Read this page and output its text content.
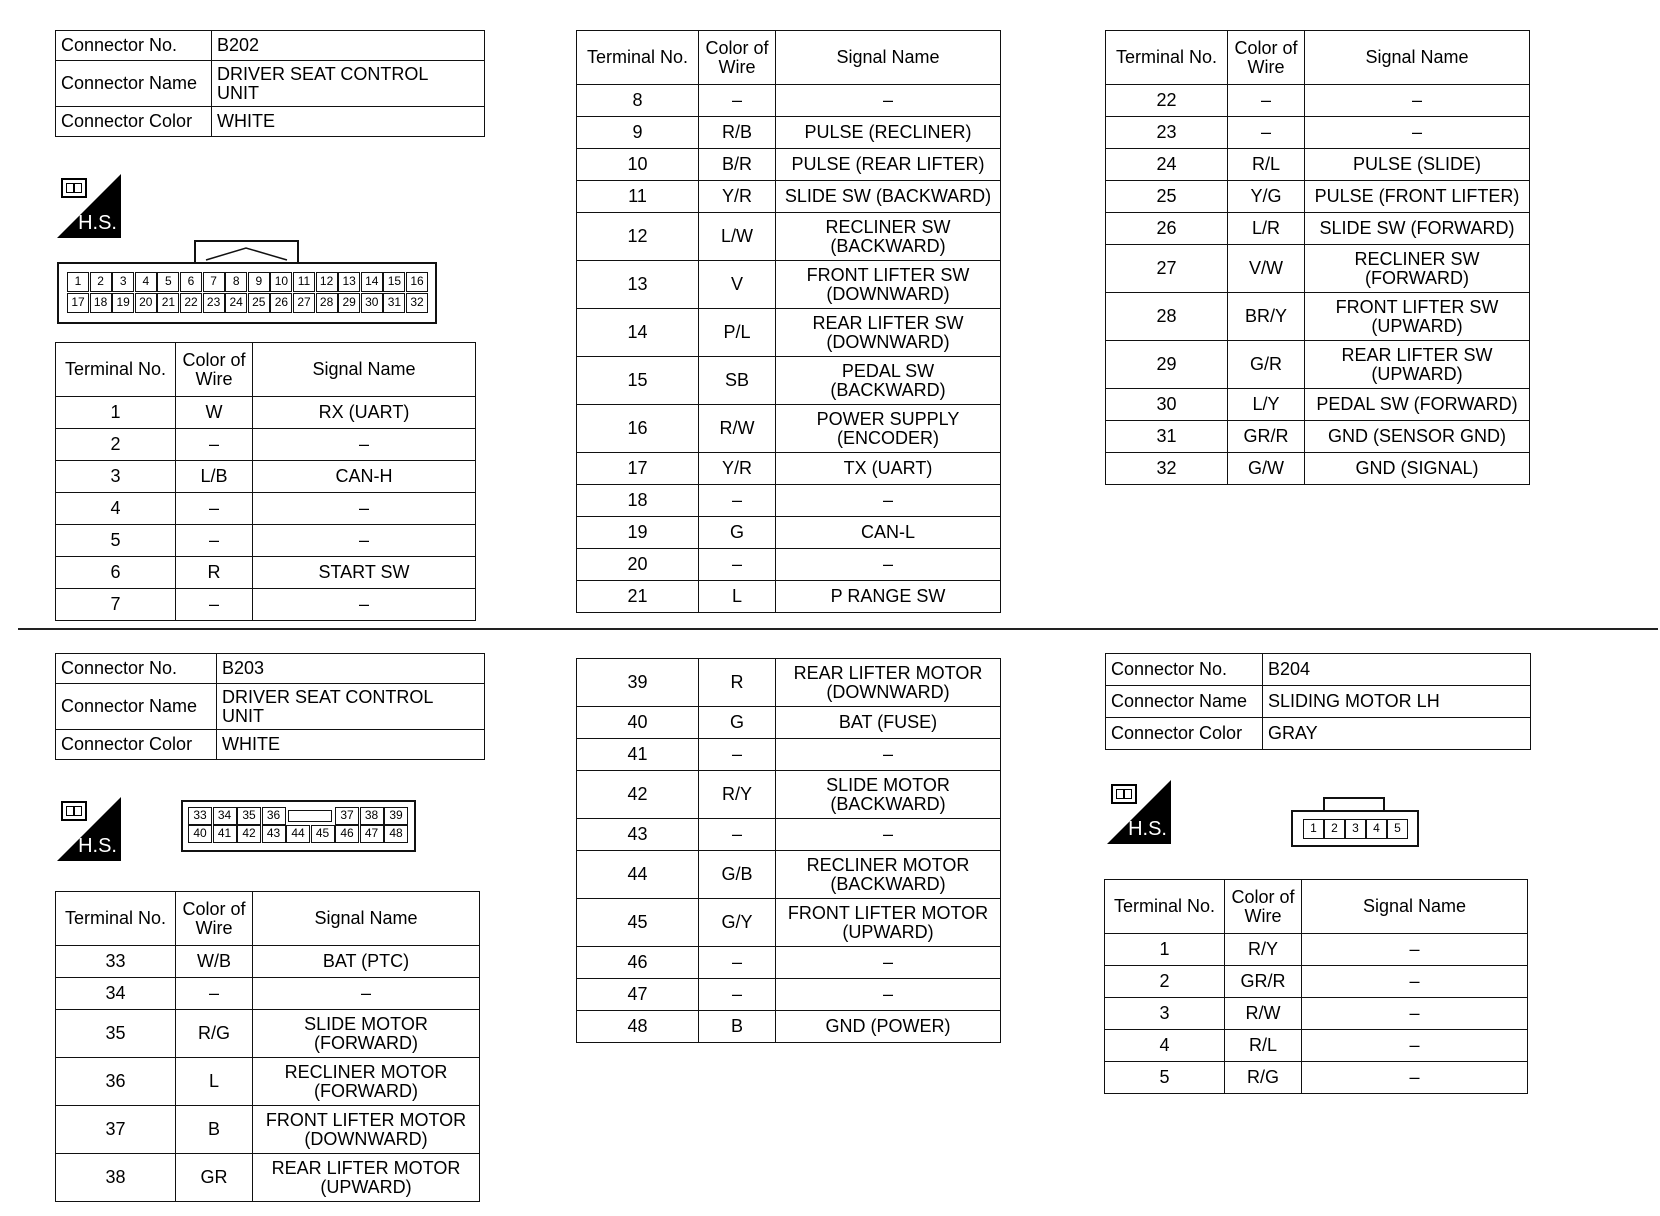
Connector No.	B202
Connector Name	DRIVER SEAT CONTROL
UNIT
Connector Color	WHITE
H.S.
1	2	3	4	5	6	7	8	9	10 11 12 13 14 15 16
17 18 19 20 21 22 23 24 25 26 27 28 29 30 31 32
Terminal No.	Color of
Wire	Signal Name
1	W	RX (UART)
2	–	–
3	L/B	CAN-H
4	–	–
5	–	–
6	R	START SW
7	–	–
Terminal No.	Color of
Wire	Signal Name
8	–	–
9	R/B	PULSE (RECLINER)
10	B/R	PULSE (REAR LIFTER)
11	Y/R	SLIDE SW (BACKWARD)
12	L/W	RECLINER SW
(BACKWARD)
13	V	FRONT LIFTER SW
(DOWNWARD)
14	P/L	REAR LIFTER SW
(DOWNWARD)
15	SB	PEDAL SW
(BACKWARD)
16	R/W	POWER SUPPLY
(ENCODER)
17	Y/R	TX (UART)
18	–	–
19	G	CAN-L
20	–	–
21	L	P RANGE SW
Terminal No.	Color of
Wire	Signal Name
22	–	–
23	–	–
24	R/L	PULSE (SLIDE)
25	Y/G	PULSE (FRONT LIFTER)
26	L/R	SLIDE SW (FORWARD)
27	V/W	RECLINER SW
(FORWARD)
28	BR/Y	FRONT LIFTER SW
(UPWARD)
29	G/R	REAR LIFTER SW
(UPWARD)
30	L/Y	PEDAL SW (FORWARD)
31	GR/R	GND (SENSOR GND)
32	G/W	GND (SIGNAL)
Connector No.	B203
Connector Name	DRIVER SEAT CONTROL
UNIT
Connector Color	WHITE
H.S.
33 34 35 36	37 38 39
40 41 42 43 44 45 46 47 48
Terminal No.	Color of
Wire	Signal Name
33	W/B	BAT (PTC)
34	–	–
35	R/G	SLIDE MOTOR
(FORWARD)
36	L	RECLINER MOTOR
(FORWARD)
37	B	FRONT LIFTER MOTOR
(DOWNWARD)
38	GR	REAR LIFTER MOTOR
(UPWARD)
39	R	REAR LIFTER MOTOR
(DOWNWARD)
40	G	BAT (FUSE)
41	–	–
42	R/Y	SLIDE MOTOR
(BACKWARD)
43	–	–
44	G/B	RECLINER MOTOR
(BACKWARD)
45	G/Y	FRONT LIFTER MOTOR
(UPWARD)
46	–	–
47	–	–
48	B	GND (POWER)
Connector No.	B204
Connector Name	SLIDING MOTOR LH
Connector Color	GRAY
H.S.	1	2	3	4	5
Terminal No.	Color of
Wire	Signal Name
1	R/Y	–
2	GR/R	–
3	R/W	–
4	R/L	–
5	R/G	–
